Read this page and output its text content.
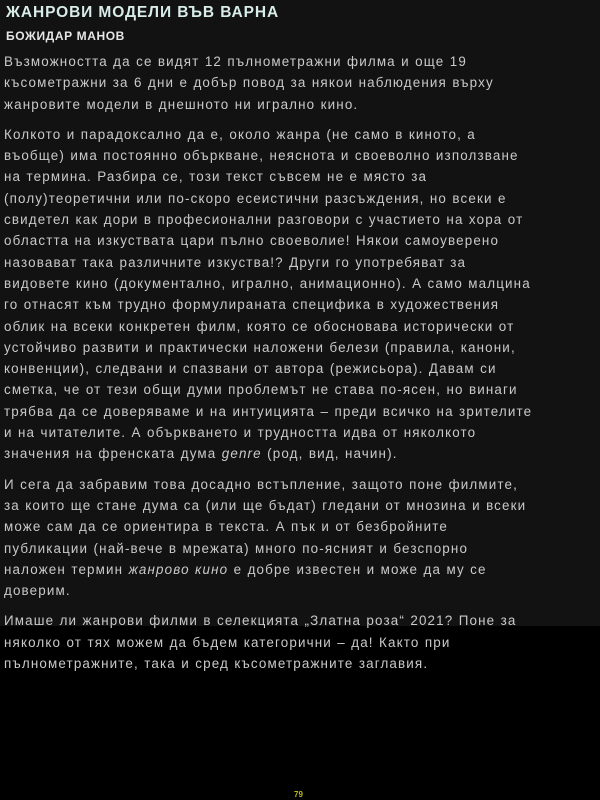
ЖАНРОВИ МОДЕЛИ ВЪВ ВАРНА
БОЖИДАР МАНОВ
Възможността да се видят 12 пълнометражни филма и още 19
късометражни за 6 дни е добър повод за някои наблюдения върху
жанровите модели в днешното ни игрално кино.
Колкото и парадоксално да е, около жанра (не само в киното, а
въобще) има постоянно объркване, неяснота и своеволно използване
на термина. Разбира се, този текст съвсем не е място за
(полу)теоретични или по-скоро есеистични разсъждения, но всеки е
свидетел как дори в професионални разговори с участието на хора от
областта на изкуствата цари пълно своеволие! Някои самоуверено
назовават така различните изкуства!? Други го употребяват за
видовете кино (документално, игрално, анимационно). А само малцина
го отнасят към трудно формулираната специфика в художествения
облик на всеки конкретен филм, която се обосновава исторически от
устойчиво развити и практически наложени белези (правила, канони,
конвенции), следвани и спазвани от автора (режисьора). Давам си
сметка, че от тези общи думи проблемът не става по-ясен, но винаги
трябва да се доверяваме и на интуицията – преди всичко на зрителите
и на читателите. А объркването и трудността идва от няколкото
значения на френската дума genre (род, вид, начин).
И сега да забравим това досадно встъпление, защото поне филмите,
за които ще стане дума са (или ще бъдат) гледани от мнозина и всеки
може сам да се ориентира в текста. А пък и от безбройните
публикации (най-вече в мрежата) много по-ясният и безспорно
наложен термин жанрово кино е добре известен и може да му се
доверим.
Имаше ли жанрови филми в селекцията „Златна роза“ 2021? Поне за
няколко от тях можем да бъдем категорични – да! Както при
пълнометражните, така и сред късометражните заглавия.
79
